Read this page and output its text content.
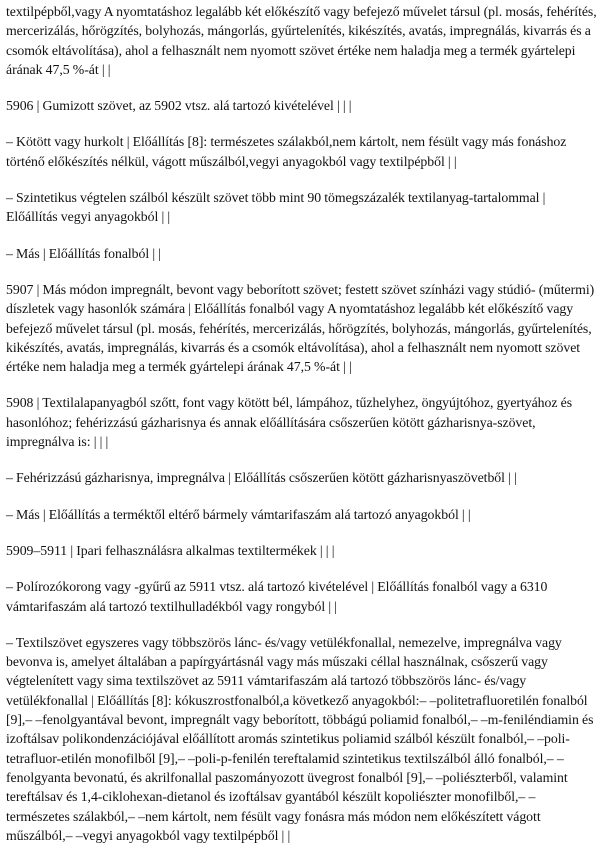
textilpépből,vagy A nyomtatáshoz legalább két előkészítő vagy befejező művelet társul (pl. mosás, fehérítés, mercerizálás, hőrögzítés, bolyhozás, mángorlás, gyűrtelenítés, kikészítés, avatás, impregnálás, kivarrás és a csomók eltávolítása), ahol a felhasznált nem nyomott szövet értéke nem haladja meg a termék gyártelepi árának 47,5 %-át | |

5906 | Gumizott szövet, az 5902 vtsz. alá tartozó kivételével | | |

– Kötött vagy hurkolt | Előállítás [8]: természetes szálakból,nem kártolt, nem fésült vagy más fonáshoz történő előkészítés nélkül, vágott műszálból,vegyi anyagokból vagy textilpépből | |

– Szintetikus végtelen szálból készült szövet több mint 90 tömegszázalék textilanyag-tartalommal | Előállítás vegyi anyagokból | |

– Más | Előállítás fonalból | |

5907 | Más módon impregnált, bevont vagy beborított szövet; festett szövet színházi vagy stúdió- (műtermi) díszletek vagy hasonlók számára | Előállítás fonalból vagy A nyomtatáshoz legalább két előkészítő vagy befejező művelet társul (pl. mosás, fehérítés, mercerizálás, hőrögzítés, bolyhozás, mángorlás, gyűrtelenítés, kikészítés, avatás, impregnálás, kivarrás és a csomók eltávolítása), ahol a felhasznált nem nyomott szövet értéke nem haladja meg a termék gyártelepi árának 47,5 %-át | |

5908 | Textilalapanyagból szőtt, font vagy kötött bél, lámpához, tűzhelyhez, öngyújtóhoz, gyertyához és hasonlóhoz; fehérizzású gázharisnya és annak előállítására csőszerűen kötött gázharisnya-szövet, impregnálva is: | | |

– Fehérizzású gázharisnya, impregnálva | Előállítás csőszerűen kötött gázharisnyaszövetből | |

– Más | Előállítás a terméktől eltérő bármely vámtarifaszám alá tartozó anyagokból | |

5909–5911 | Ipari felhasználásra alkalmas textiltermékek | | |

– Polírozókorong vagy -gyűrű az 5911 vtsz. alá tartozó kivételével | Előállítás fonalból vagy a 6310 vámtarifaszám alá tartozó textilhulladékból vagy rongyból | |

– Textilszövet egyszeres vagy többszörös lánc- és/vagy vetülékfonallal, nemezelve, impregnálva vagy bevonva is, amelyet általában a papírgyártásnál vagy más műszaki céllal használnak, csőszerű vagy végtelenített vagy sima textilszövet az 5911 vámtarifaszám alá tartozó többszörös lánc- és/vagy vetülékfonallal | Előállítás [8]: kókuszrostfonalból,a következő anyagokból:– –politetrafluoretilén fonalból [9],– –fenolgyantával bevont, impregnált vagy beborított, többágú poliamid fonalból,– –m-feniléndiamin és izoftálsav polikondenzációjával előállított aromás szintetikus poliamid szálból készült fonalból,– –poli-tetrafluor-etilén monofilből [9],– –poli-p-fenilén tereftalamid szintetikus textilszálból álló fonalból,– –fenolgyanta bevonatú, és akrilfonallal paszományozott üvegrost fonalból [9],– –poliészterből, valamint tereftálsav és 1,4-ciklohexan-dietanol és izoftálsav gyantából készült kopoliészter monofilből,– –természetes szálakból,– –nem kártolt, nem fésült vagy fonásra más módon nem előkészített vágott műszálból,– –vegyi anyagokból vagy textilpépből | |
